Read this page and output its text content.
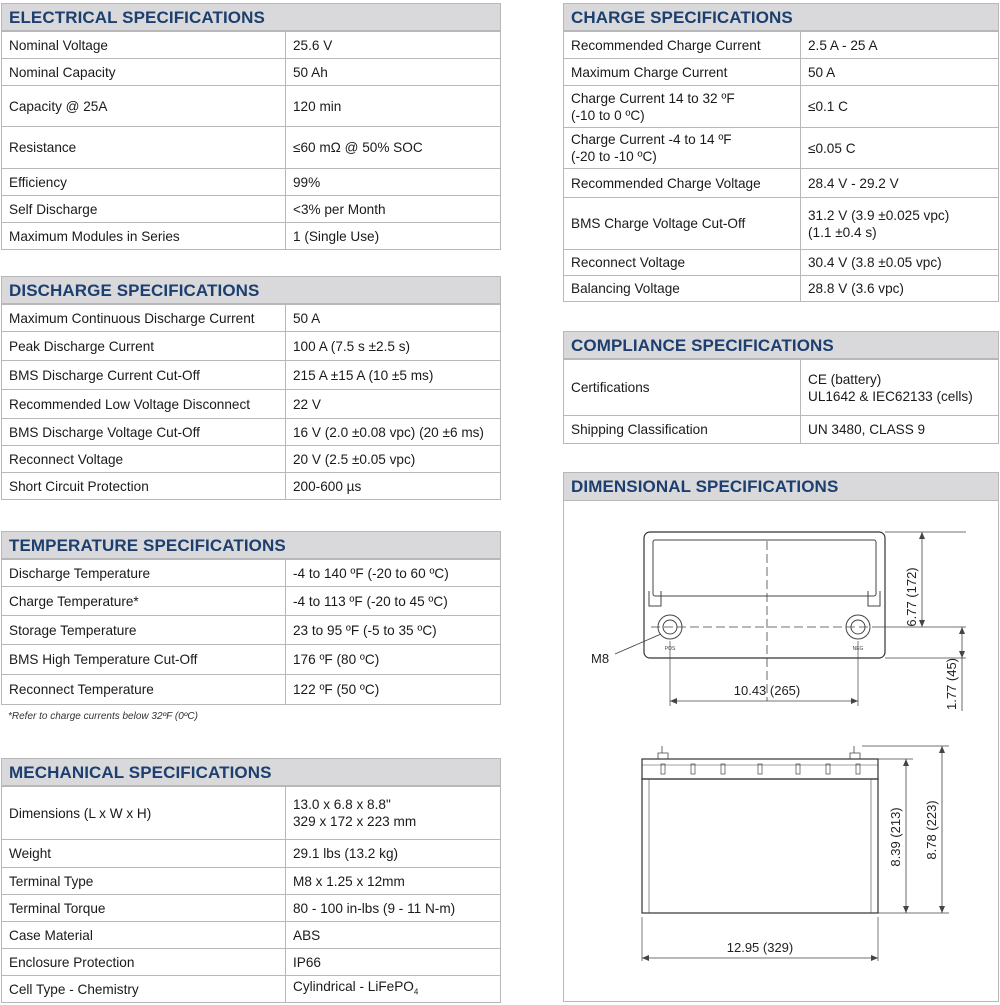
ELECTRICAL SPECIFICATIONS
Nominal Voltage	25.6 V
Nominal Capacity	50 Ah
Capacity @ 25A	120 min
Resistance	≤60 mΩ @ 50% SOC
Efficiency	99%
Self Discharge	<3% per Month
Maximum Modules in Series	1 (Single Use)
DISCHARGE SPECIFICATIONS
Maximum Continuous Discharge Current	50 A
Peak Discharge Current	100 A (7.5 s ±2.5 s)
BMS Discharge Current Cut-Off	215 A ±15 A (10 ±5 ms)
Recommended Low Voltage Disconnect	22 V
BMS Discharge Voltage Cut-Off	16 V (2.0 ±0.08 vpc) (20 ±6 ms)
Reconnect Voltage	20 V (2.5 ±0.05 vpc)
Short Circuit Protection	200-600 µs
TEMPERATURE SPECIFICATIONS
Discharge Temperature	-4 to 140 ºF (-20 to 60 ºC)
Charge Temperature*	-4 to 113 ºF (-20 to 45 ºC)
Storage Temperature	23 to 95 ºF (-5 to 35 ºC)
BMS High Temperature Cut-Off	176 ºF (80 ºC)
Reconnect Temperature	122 ºF (50 ºC)
*Refer to charge currents below 32ºF (0ºC)
MECHANICAL SPECIFICATIONS
Dimensions (L x W x H)	13.0 x 6.8 x 8.8"
329 x 172 x 223 mm

Weight	29.1 lbs (13.2 kg)
Terminal Type	M8 x 1.25 x 12mm
Terminal Torque	80 - 100 in-lbs (9 - 11 N-m)
Case Material	ABS
Enclosure Protection	IP66
Cell Type - Chemistry	Cylindrical - LiFePO$_4$
CHARGE SPECIFICATIONS
Recommended Charge Current	2.5 A - 25 A
Maximum Charge Current	50 A

Charge Current 14 to 32 ºF
(-10 to 0 ºC)	≤0.1 C

Charge Current -4 to 14 ºF
(-20 to -10 ºC)	≤0.05 C
Recommended Charge Voltage	28.4 V - 29.2 V
BMS Charge Voltage Cut-Off	31.2 V (3.9 ±0.025 vpc)
(1.1 ±0.4 s)

Reconnect Voltage	30.4 V (3.8 ±0.05 vpc)
Balancing Voltage	28.8 V (3.6 vpc)
COMPLIANCE SPECIFICATIONS
Certifications	CE (battery)
UL1642 & IEC62133 (cells)

Shipping Classification	UN 3480, CLASS 9
DIMENSIONAL SPECIFICATIONS
POS	NEG
M8
10.43 (265)
6.77 (172)
1.77 (45)
12.95 (329)
8.39 (213) 8.78 (223)
